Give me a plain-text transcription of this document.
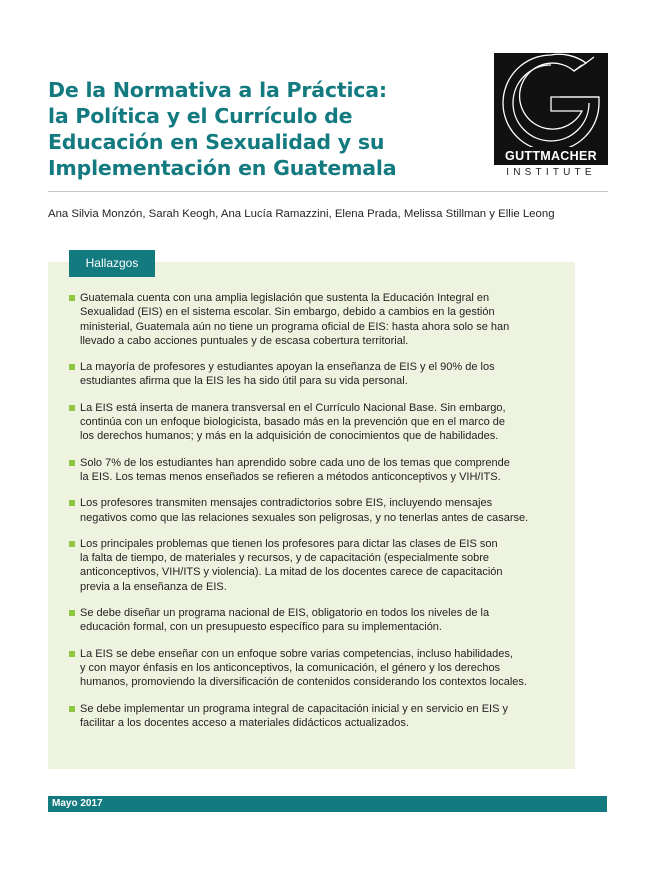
De la Normativa a la Práctica:
la Política y el Currículo de
Educación en Sexualidad y su
Implementación en Guatemala	GUTTMACHER
INSTITUTE
Ana Silvia Monzón, Sarah Keogh, Ana Lucía Ramazzini, Elena Prada, Melissa Stillman y Ellie Leong
Hallazgos
Guatemala cuenta con una amplia legislación que sustenta la Educación Integral en
Sexualidad (EIS) en el sistema escolar. Sin embargo, debido a cambios en la gestión
ministerial, Guatemala aún no tiene un programa oficial de EIS: hasta ahora solo se han
llevado a cabo acciones puntuales y de escasa cobertura territorial.
La mayoría de profesores y estudiantes apoyan la enseñanza de EIS y el 90% de los
estudiantes afirma que la EIS les ha sido útil para su vida personal.
La EIS está inserta de manera transversal en el Currículo Nacional Base. Sin embargo,
continúa con un enfoque biologicista, basado más en la prevención que en el marco de
los derechos humanos; y más en la adquisición de conocimientos que de habilidades.
Solo 7% de los estudiantes han aprendido sobre cada uno de los temas que comprende
la EIS. Los temas menos enseñados se refieren a métodos anticonceptivos y VIH/ITS.
Los profesores transmiten mensajes contradictorios sobre EIS, incluyendo mensajes
negativos como que las relaciones sexuales son peligrosas, y no tenerlas antes de casarse.
Los principales problemas que tienen los profesores para dictar las clases de EIS son
la falta de tiempo, de materiales y recursos, y de capacitación (especialmente sobre
anticonceptivos, VIH/ITS y violencia). La mitad de los docentes carece de capacitación
previa a la enseñanza de EIS.
Se debe diseñar un programa nacional de EIS, obligatorio en todos los niveles de la
educación formal, con un presupuesto específico para su implementación.
La EIS se debe enseñar con un enfoque sobre varias competencias, incluso habilidades,
y con mayor énfasis en los anticonceptivos, la comunicación, el género y los derechos
humanos, promoviendo la diversificación de contenidos considerando los contextos locales.
Se debe implementar un programa integral de capacitación inicial y en servicio en EIS y
facilitar a los docentes acceso a materiales didácticos actualizados.
Mayo 2017
